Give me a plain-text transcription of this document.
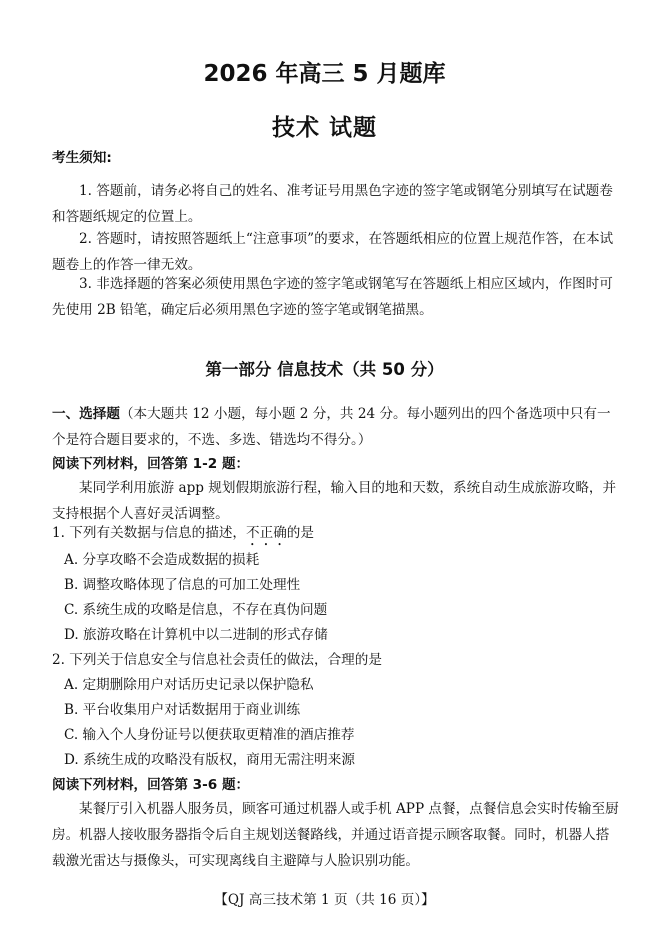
2026 年高三 5 月题库
技术 试题
考生须知:
1. 答题前，请务必将自己的姓名、准考证号用黑色字迹的签字笔或钢笔分别填写在试题卷和答题纸规定的位置上。
2. 答题时，请按照答题纸上“注意事项”的要求，在答题纸相应的位置上规范作答，在本试题卷上的作答一律无效。
3. 非选择题的答案必须使用黑色字迹的签字笔或钢笔写在答题纸上相应区域内，作图时可先使用 2B 铅笔，确定后必须用黑色字迹的签字笔或钢笔描黑。
第一部分 信息技术（共 50 分）
一、选择题（本大题共 12 小题，每小题 2 分，共 24 分。每小题列出的四个备选项中只有一个是符合题目要求的，不选、多选、错选均不得分。）
阅读下列材料，回答第 1-2 题：
某同学利用旅游 app 规划假期旅游行程，输入目的地和天数，系统自动生成旅游攻略，并支持根据个人喜好灵活调整。
1. 下列有关数据与信息的描述，不正确的是
A. 分享攻略不会造成数据的损耗
B. 调整攻略体现了信息的可加工处理性
C. 系统生成的攻略是信息，不存在真伪问题
D. 旅游攻略在计算机中以二进制的形式存储
2. 下列关于信息安全与信息社会责任的做法，合理的是
A. 定期删除用户对话历史记录以保护隐私
B. 平台收集用户对话数据用于商业训练
C. 输入个人身份证号以便获取更精准的酒店推荐
D. 系统生成的攻略没有版权，商用无需注明来源
阅读下列材料，回答第 3-6 题：
某餐厅引入机器人服务员，顾客可通过机器人或手机 APP 点餐，点餐信息会实时传输至厨房。机器人接收服务器指令后自主规划送餐路线，并通过语音提示顾客取餐。同时，机器人搭载激光雷达与摄像头，可实现离线自主避障与人脸识别功能。
【QJ 高三技术第 1 页（共 16 页）】
